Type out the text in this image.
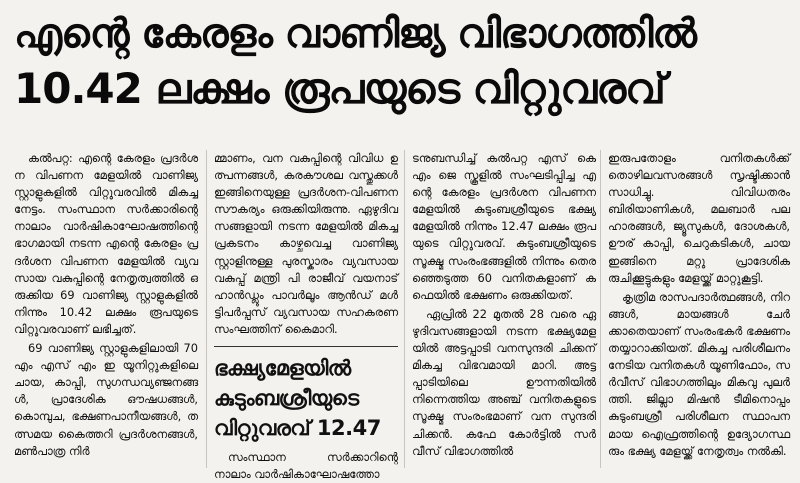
എന്റെ കേരളം വാണിജ്യ വിഭാഗത്തിൽ
10.42 ലക്ഷം രൂപയുടെ വിറ്റുവരവ്

കൽപറ്റ: എന്റെ കേരളം പ്രദർശന വിപണന മേളയിൽ വാണിജ്യ സ്റ്റാളുകളിൽ വിറ്റുവരവിൽ മികച്ച നേട്ടം. സംസ്ഥാന സർക്കാരിന്റെ നാലാം വാർഷികാഘോഷത്തിന്റെ ഭാഗമായി നടന്ന എന്റെ കേരളം പ്രദർശന വിപണന മേളയിൽ വ്യവസായ വകുപ്പിന്റെ നേതൃത്വത്തിൽ ഒരുക്കിയ 69 വാണിജ്യ സ്റ്റാളുകളിൽ നിന്നും 10.42 ലക്ഷം രൂപയുടെ വിറ്റുവരവാണ് ലഭിച്ചത്.

69 വാണിജ്യ സ്റ്റാളുകളിലായി 70 എം എസ് എം ഇ യൂനിറ്റുകളിലെ ചായ, കാപ്പി, സുഗന്ധവ്യഞ്ജനങ്ങൾ, പ്രാദേശിക ഔഷധങ്ങൾ, കൊമ്പുച, ഭക്ഷണപാനീയങ്ങൾ, തത്സമയ കൈത്തറി പ്രദർശനങ്ങൾ, മൺപാത്ര നിർ

മ്മാണം, വന വകുപ്പിന്റെ വിവിധ ഉത്പന്നങ്ങൾ, കരകൗശല വസ്തുക്കൾ ഇങ്ങിനെയുള്ള പ്രദർശന-വിപണന സൗകര്യം ഒരുക്കിയിരുന്നു. ഏഴുദിവസങ്ങളായി നടന്ന മേളയിൽ മികച്ച പ്രകടനം കാഴ്ചവെച്ച വാണിജ്യ സ്റ്റാളിനുള്ള പുരസ്കാരം വ്യവസായ വകുപ്പ് മന്ത്രി പി രാജീവ് വയനാട് ഹാൻഡ്ലൂം പാവർലൂം ആൻഡ് മൾട്ടിപർപ്പസ് വ്യവസായ സഹകരണ സംഘത്തിന് കൈമാറി.

ഭക്ഷ്യമേളയിൽ
കുടുംബശ്രീയുടെ
വിറ്റുവരവ് 12.47

സംസ്ഥാന സർക്കാറിന്റെ നാലാം വാർഷികാഘോഷത്തോ

ടനുബന്ധിച്ച് കൽപറ്റ എസ് കെ എം ജെ സ്കൂളിൽ സംഘടിപ്പിച്ച എന്റെ കേരളം പ്രദർശന വിപണന മേളയിൽ കുടുംബശ്രീയുടെ ഭക്ഷ്യമേളയിൽ നിന്നും 12.47 ലക്ഷം രൂപയുടെ വിറ്റുവരവ്. കുടുംബശ്രീയുടെ സൂക്ഷ്മ സംരംഭങ്ങളിൽ നിന്നും തെരഞ്ഞെടുത്ത 60 വനിതകളാണ് കഫെയിൽ ഭക്ഷണം ഒരുക്കിയത്.

ഏപ്രിൽ 22 മുതൽ 28 വരെ ഏഴുദിവസങ്ങളായി നടന്ന ഭക്ഷ്യമേളയിൽ അട്ടപ്പാടി വനസുന്ദരി ചിക്കന് മികച്ച വിഭവമായി മാറി. അട്ടപ്പാടിയിലെ ഊന്നതിയിൽ നിന്നെത്തിയ അഞ്ച് വനിതകളുടെ സൂക്ഷ്മ സംരംഭമാണ് വന സുന്ദരി ചിക്കൻ. കഫേ കോർട്ടിൽ സർവീസ് വിഭാഗത്തിൽ

ഇരുപതോളം വനിതകൾക്ക് തൊഴിലവസരങ്ങൾ സൃഷ്ടിക്കാൻ സാധിച്ചു. വിവിധതരം ബിരിയാണികൾ, മലബാർ പലഹാരങ്ങൾ, ജ്യൂസുകൾ, ദോശകൾ, ഊര് കാപ്പി, ചെറുകടികൾ, ചായ ഇങ്ങിനെ മറ്റു പ്രാദേശിക രുചിക്കൂട്ടുകളും മേളയ്ക്ക് മാറ്റുകൂട്ടി.

കൃത്രിമ രാസപദാർത്ഥങ്ങൾ, നിറങ്ങൾ, മായങ്ങൾ ചേർക്കാതെയാണ് സംരംഭകർ ഭക്ഷണം തയ്യാറാക്കിയത്. മികച്ച പരിശീലനം നേടിയ വനിതകൾ യൂണിഫോം, സർവീസ് വിഭാഗത്തിലും മികവു പുലർത്തി. ജില്ലാ മിഷൻ ടീമിനൊപ്പം കുടുംബശ്രീ പരിശീലന സ്ഥാപനമായ ഐഫ്രത്തിന്റെ ഉദ്യോഗസ്ഥരും ഭക്ഷ്യ മേളയ്ക്ക് നേതൃത്വം നൽകി.
